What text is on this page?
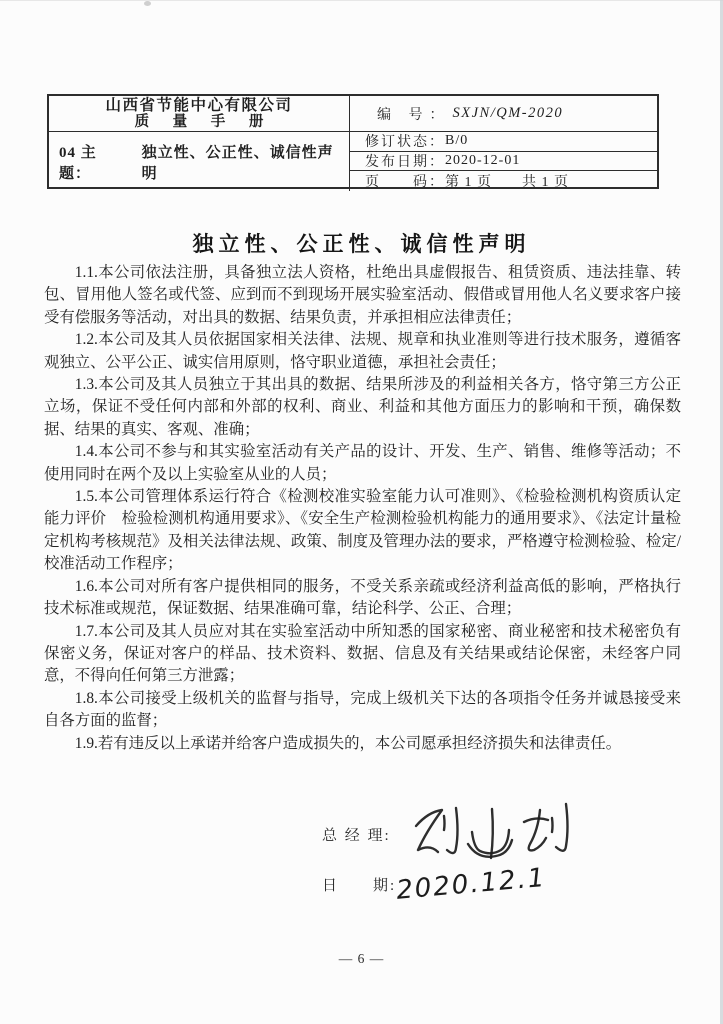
山西省节能中心有限公司
质 量 手 册	编 号： SXJN/QM-2020
04 主题：
独立性、公正性、诚信性声明
修订状态： B/0
发布日期： 2020-12-01
页　　码： 第 1 页　　共 1 页
独立性、公正性、诚信性声明

1.1.本公司依法注册，具备独立法人资格，杜绝出具虚假报告、租赁资质、违法挂靠、转包、冒用他人签名或代签、应到而不到现场开展实验室活动、假借或冒用他人名义要求客户接受有偿服务等活动，对出具的数据、结果负责，并承担相应法律责任；

1.2.本公司及其人员依据国家相关法律、法规、规章和执业准则等进行技术服务，遵循客观独立、公平公正、诚实信用原则，恪守职业道德，承担社会责任；

1.3.本公司及其人员独立于其出具的数据、结果所涉及的利益相关各方，恪守第三方公正立场，保证不受任何内部和外部的权利、商业、利益和其他方面压力的影响和干预，确保数据、结果的真实、客观、准确；

1.4.本公司不参与和其实验室活动有关产品的设计、开发、生产、销售、维修等活动；不使用同时在两个及以上实验室从业的人员；

1.5.本公司管理体系运行符合《检测校准实验室能力认可准则》、《检验检测机构资质认定能力评价　检验检测机构通用要求》、《安全生产检测检验机构能力的通用要求》、《法定计量检定机构考核规范》及相关法律法规、政策、制度及管理办法的要求，严格遵守检测检验、检定/校准活动工作程序；

1.6.本公司对所有客户提供相同的服务，不受关系亲疏或经济利益高低的影响，严格执行技术标准或规范，保证数据、结果准确可靠，结论科学、公正、合理；

1.7.本公司及其人员应对其在实验室活动中所知悉的国家秘密、商业秘密和技术秘密负有保密义务，保证对客户的样品、技术资料、数据、信息及有关结果或结论保密，未经客户同意，不得向任何第三方泄露；

1.8.本公司接受上级机关的监督与指导，完成上级机关下达的各项指令任务并诚恳接受来自各方面的监督；

1.9.若有违反以上承诺并给客户造成损失的，本公司愿承担经济损失和法律责任。

总 经 理:
日　　期:
2020.12.1
— 6 —
